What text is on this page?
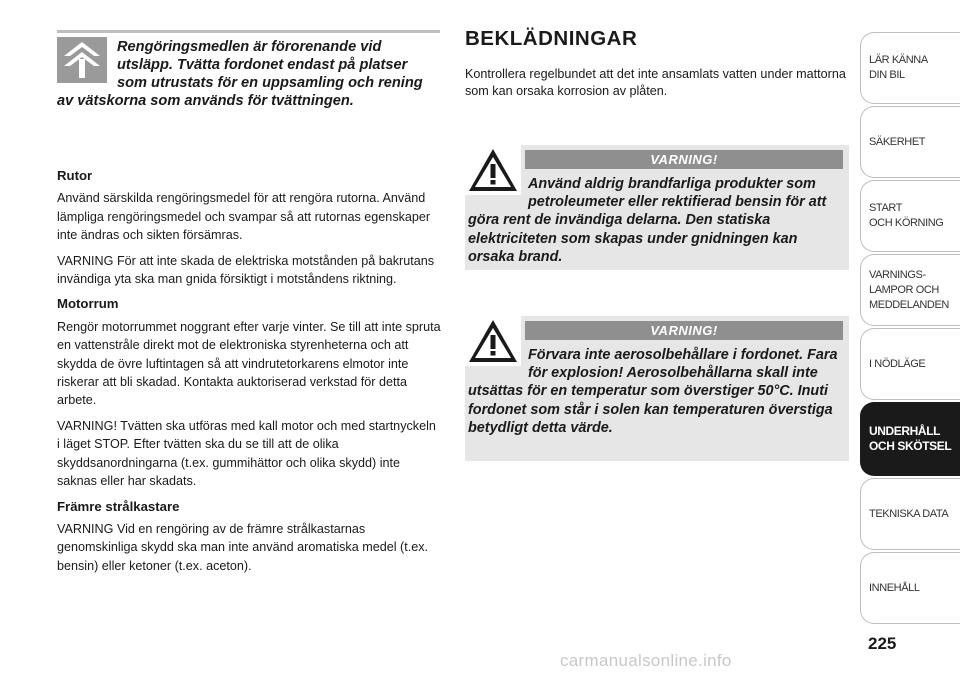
Rengöringsmedlen är förorenande vid utsläpp. Tvätta fordonet endast på platser som utrustats för en uppsamling och rening av vätskorna som används för tvättningen.

Rutor

Använd särskilda rengöringsmedel för att rengöra rutorna. Använd lämpliga rengöringsmedel och svampar så att rutornas egenskaper inte ändras och sikten försämras.

VARNING För att inte skada de elektriska motstånden på bakrutans invändiga yta ska man gnida försiktigt i motståndens riktning.

Motorrum

Rengör motorrummet noggrant efter varje vinter. Se till att inte spruta en vattenstråle direkt mot de elektroniska styrenheterna och att skydda de övre luftintagen så att vindrutetorkarens elmotor inte riskerar att bli skadad. Kontakta auktoriserad verkstad för detta arbete.

VARNING! Tvätten ska utföras med kall motor och med startnyckeln i läget STOP. Efter tvätten ska du se till att de olika skyddsanordningarna (t.ex. gummihättor och olika skydd) inte saknas eller har skadats.

Främre strålkastare

VARNING Vid en rengöring av de främre strålkastarnas genomskinliga skydd ska man inte använd aromatiska medel (t.ex. bensin) eller ketoner (t.ex. aceton).

BEKLÄDNINGAR

Kontrollera regelbundet att det inte ansamlats vatten under mattorna som kan orsaka korrosion av plåten.

VARNING!

Använd aldrig brandfarliga produkter som petroleumeter eller rektifierad bensin för att göra rent de invändiga delarna. Den statiska elektriciteten som skapas under gnidningen kan orsaka brand.

VARNING!

Förvara inte aerosolbehållare i fordonet. Fara för explosion! Aerosolbehållarna skall inte utsättas för en temperatur som överstiger 50°C. Inuti fordonet som står i solen kan temperaturen överstiga betydligt detta värde.

LÄR KÄNNA
DIN BIL
SÄKERHET
START
OCH KÖRNING
VARNINGS-
LAMPOR OCH
MEDDELANDEN
I NÖDLÄGE
UNDERHÅLL
OCH SKÖTSEL
TEKNISKA DATA
INNEHÅLL
225
carmanualsonline.info
